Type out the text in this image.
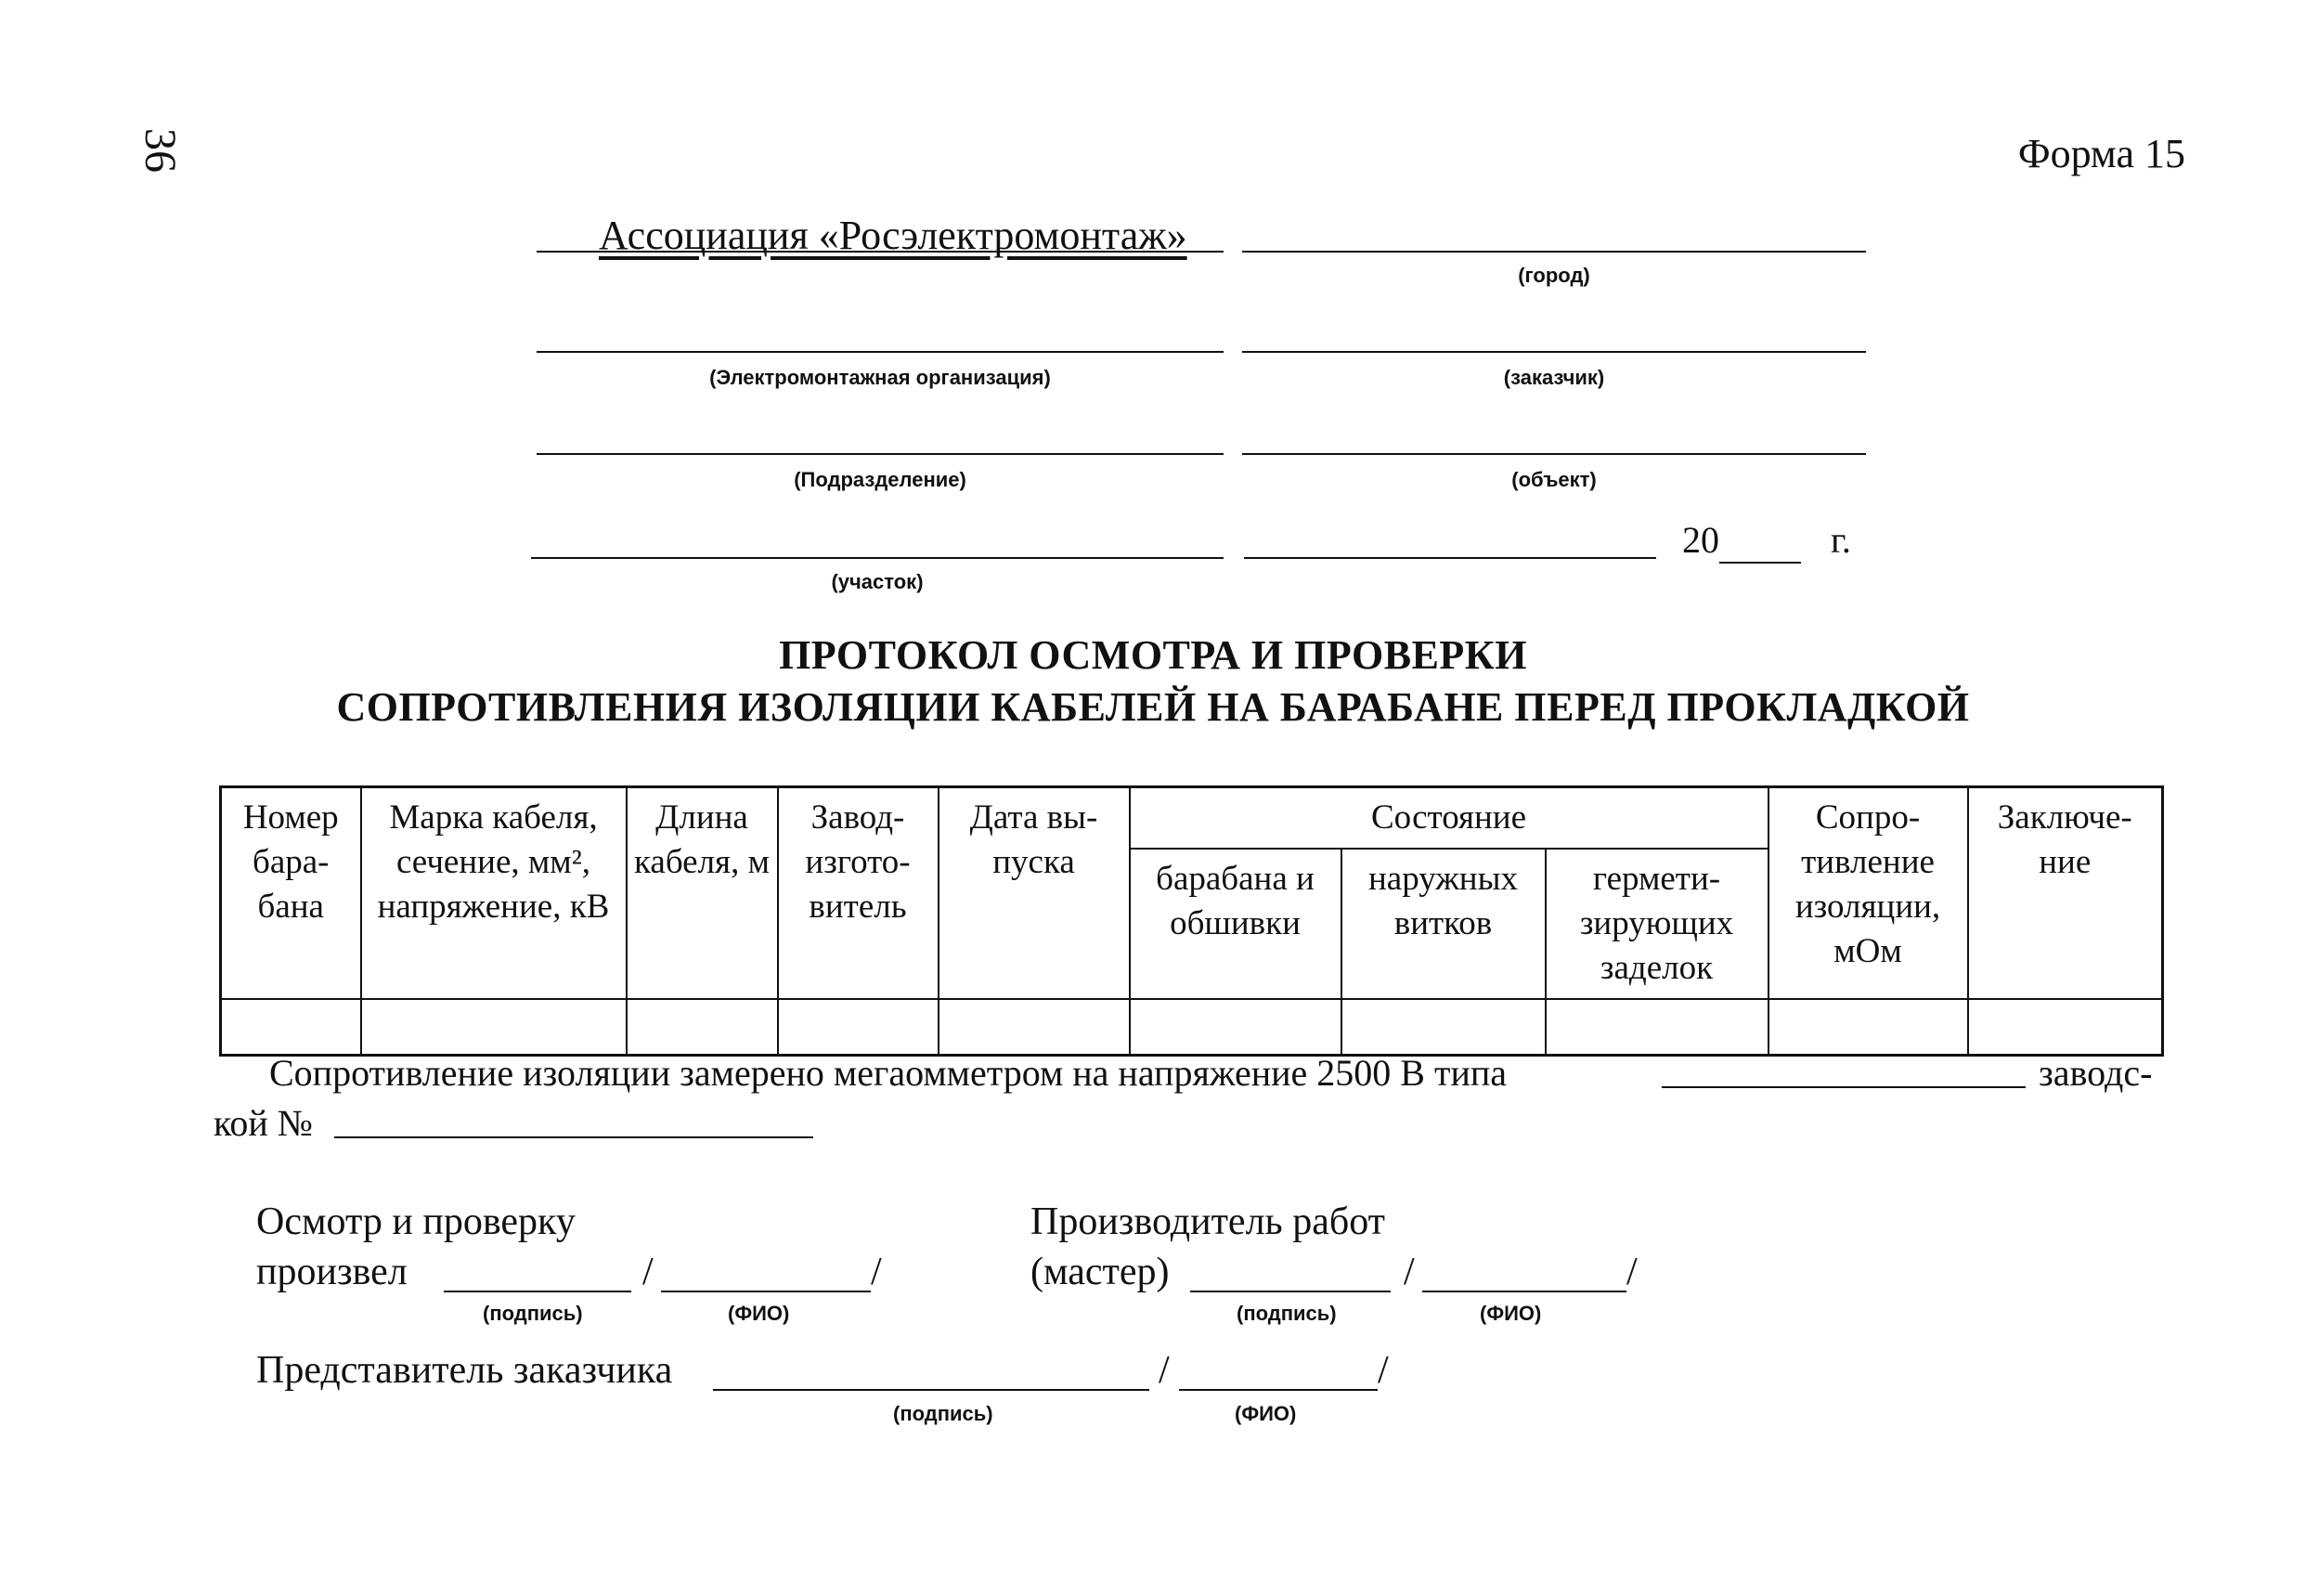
36	Форма 15
Ассоциация «Росэлектромонтаж»
(город)
(Электромонтажная организация)	(заказчик)
(Подразделение)	(объект)
(участок)
20	г.
ПРОТОКОЛ ОСМОТРА И ПРОВЕРКИ
СОПРОТИВЛЕНИЯ ИЗОЛЯЦИИ КАБЕЛЕЙ НА БАРАБАНЕ ПЕРЕД ПРОКЛАДКОЙ
Номер бара-бана	Марка кабеля, сечение, мм², напряжение, кВ	Длина кабеля, м	Завод-изгото-витель	Дата вы-пуска	Состояние			Сопро-тивление изоляции, мОм	Заключе-ние
					барабана и обшивки	наружных витков	гермети-зирующих заделок		

Сопротивление изоляции замерено мегаомметром на напряжение 2500 В типа	заводс-
кой №
Осмотр и проверку
произвел	/	/
(подпись)	(ФИО)
Производитель работ
(мастер)	/	/
(подпись)	(ФИО)
Представитель заказчика	/	/
(подпись)	(ФИО)
